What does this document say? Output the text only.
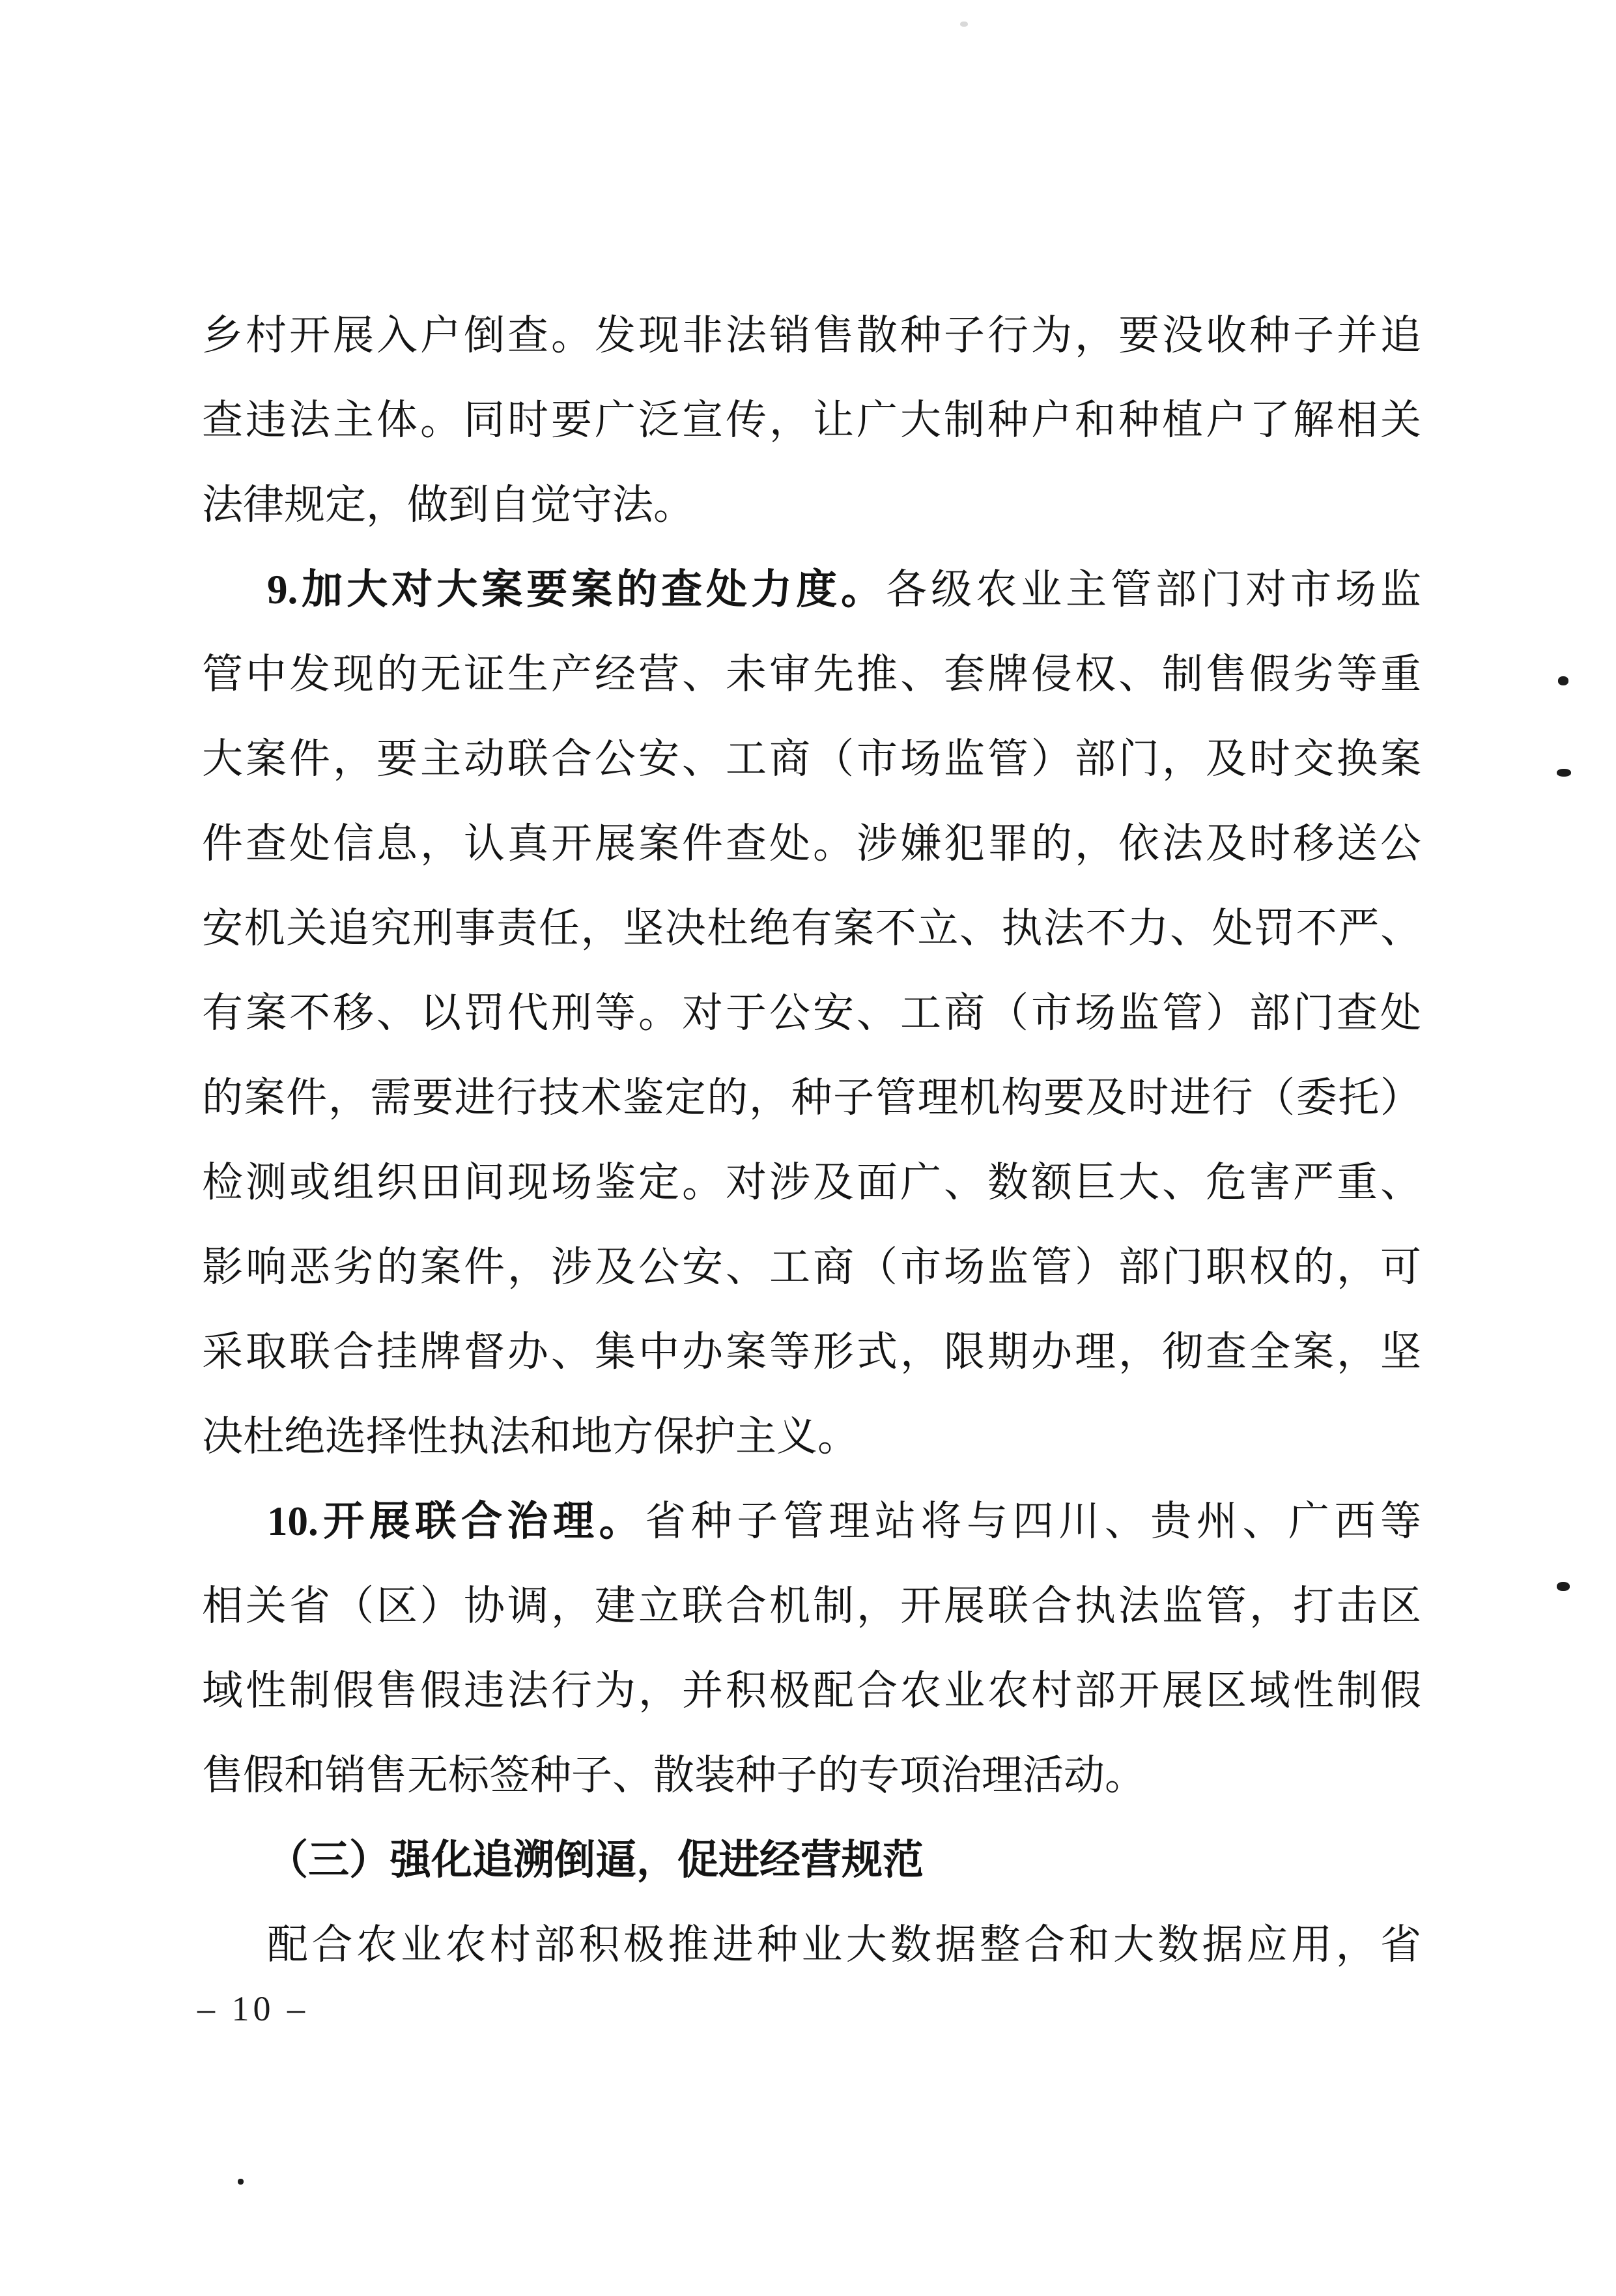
乡村开展入户倒查。发现非法销售散种子行为，要没收种子并追
查违法主体。同时要广泛宣传，让广大制种户和种植户了解相关
法律规定，做到自觉守法。
9.加大对大案要案的查处力度。各级农业主管部门对市场监
管中发现的无证生产经营、未审先推、套牌侵权、制售假劣等重
大案件，要主动联合公安、工商（市场监管）部门，及时交换案
件查处信息，认真开展案件查处。涉嫌犯罪的，依法及时移送公
安机关追究刑事责任，坚决杜绝有案不立、执法不力、处罚不严、
有案不移、以罚代刑等。对于公安、工商（市场监管）部门查处
的案件，需要进行技术鉴定的，种子管理机构要及时进行（委托）
检测或组织田间现场鉴定。对涉及面广、数额巨大、危害严重、
影响恶劣的案件，涉及公安、工商（市场监管）部门职权的，可
采取联合挂牌督办、集中办案等形式，限期办理，彻查全案，坚
决杜绝选择性执法和地方保护主义。
10.开展联合治理。省种子管理站将与四川、贵州、广西等
相关省（区）协调，建立联合机制，开展联合执法监管，打击区
域性制假售假违法行为，并积极配合农业农村部开展区域性制假
售假和销售无标签种子、散装种子的专项治理活动。
（三）强化追溯倒逼，促进经营规范
配合农业农村部积极推进种业大数据整合和大数据应用，省
– 10 –
